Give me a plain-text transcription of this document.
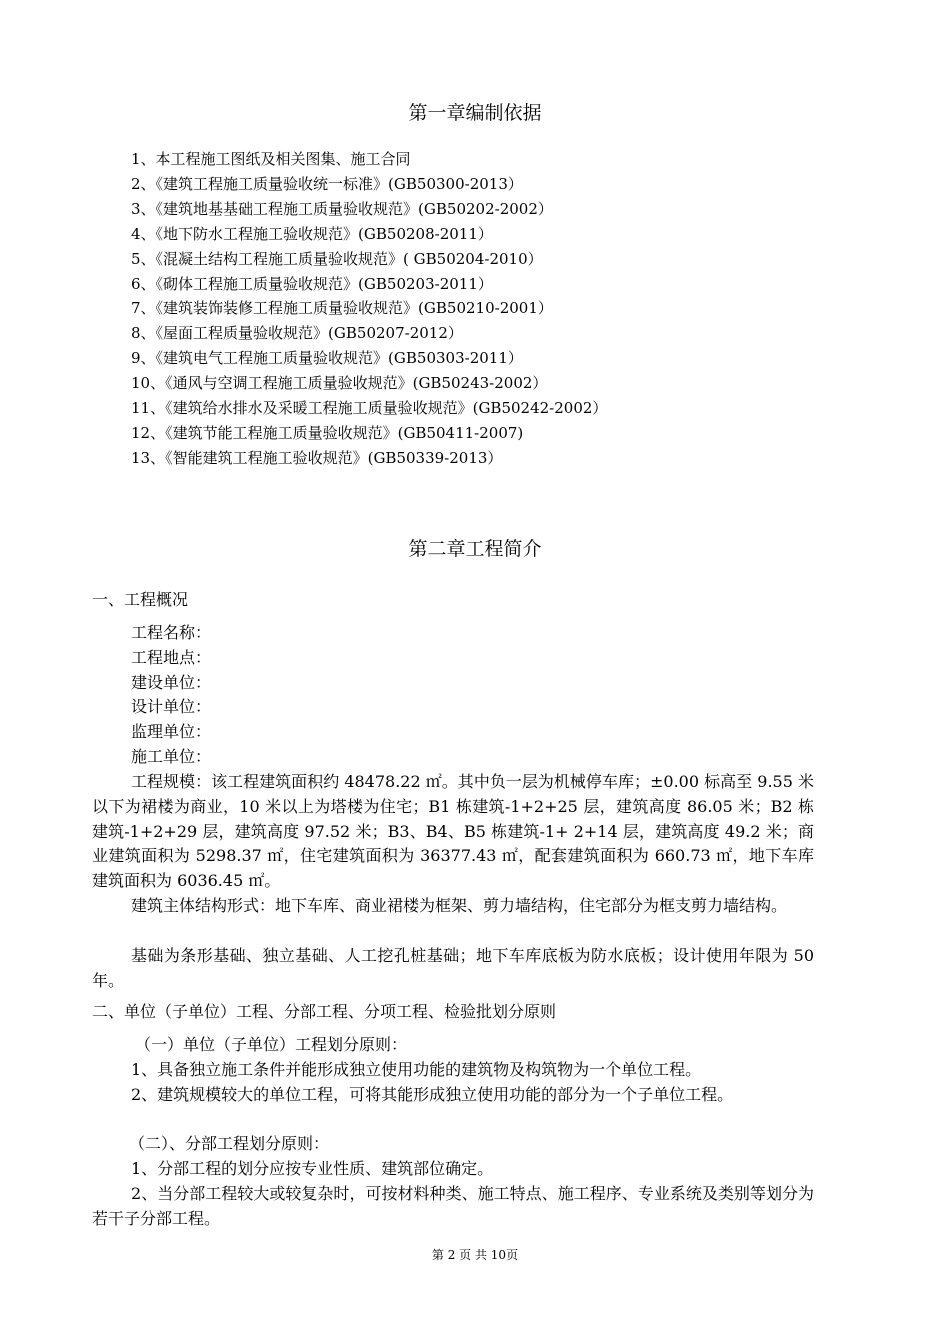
第一章编制依据
1、本工程施工图纸及相关图集、施工合同
2、《建筑工程施工质量验收统一标准》(GB50300-2013）
3、《建筑地基基础工程施工质量验收规范》(GB50202-2002）
4、《地下防水工程施工验收规范》(GB50208-2011）
5、《混凝土结构工程施工质量验收规范》( GB50204-2010）
6、《砌体工程施工质量验收规范》(GB50203-2011）
7、《建筑装饰装修工程施工质量验收规范》(GB50210-2001）
8、《屋面工程质量验收规范》(GB50207-2012）
9、《建筑电气工程施工质量验收规范》(GB50303-2011）
10、《通风与空调工程施工质量验收规范》(GB50243-2002）
11、《建筑给水排水及采暖工程施工质量验收规范》(GB50242-2002）
12、《建筑节能工程施工质量验收规范》(GB50411-2007)
13、《智能建筑工程施工验收规范》(GB50339-2013）
第二章工程简介
一、工程概况
工程名称：
工程地点：
建设单位：
设计单位：
监理单位：
施工单位：
工程规模：该工程建筑面积约 48478.22 ㎡。其中负一层为机械停车库；±0.00 标高至 9.55 米以下为裙楼为商业，10 米以上为塔楼为住宅；B1 栋建筑-1+2+25 层，建筑高度 86.05 米；B2 栋建筑-1+2+29 层，建筑高度 97.52 米；B3、B4、B5 栋建筑-1+ 2+14 层，建筑高度 49.2 米；商业建筑面积为 5298.37 ㎡，住宅建筑面积为 36377.43 ㎡，配套建筑面积为 660.73 ㎡，地下车库建筑面积为 6036.45 ㎡。
建筑主体结构形式：地下车库、商业裙楼为框架、剪力墙结构，住宅部分为框支剪力墙结构。
基础为条形基础、独立基础、人工挖孔桩基础；地下车库底板为防水底板；设计使用年限为 50 年。
二、单位（子单位）工程、分部工程、分项工程、检验批划分原则
（一）单位（子单位）工程划分原则：
1、具备独立施工条件并能形成独立使用功能的建筑物及构筑物为一个单位工程。
2、建筑规模较大的单位工程，可将其能形成独立使用功能的部分为一个子单位工程。
（二）、分部工程划分原则：
1、分部工程的划分应按专业性质、建筑部位确定。
2、当分部工程较大或较复杂时，可按材料种类、施工特点、施工程序、专业系统及类别等划分为若干子分部工程。
第 2 页 共 10页
